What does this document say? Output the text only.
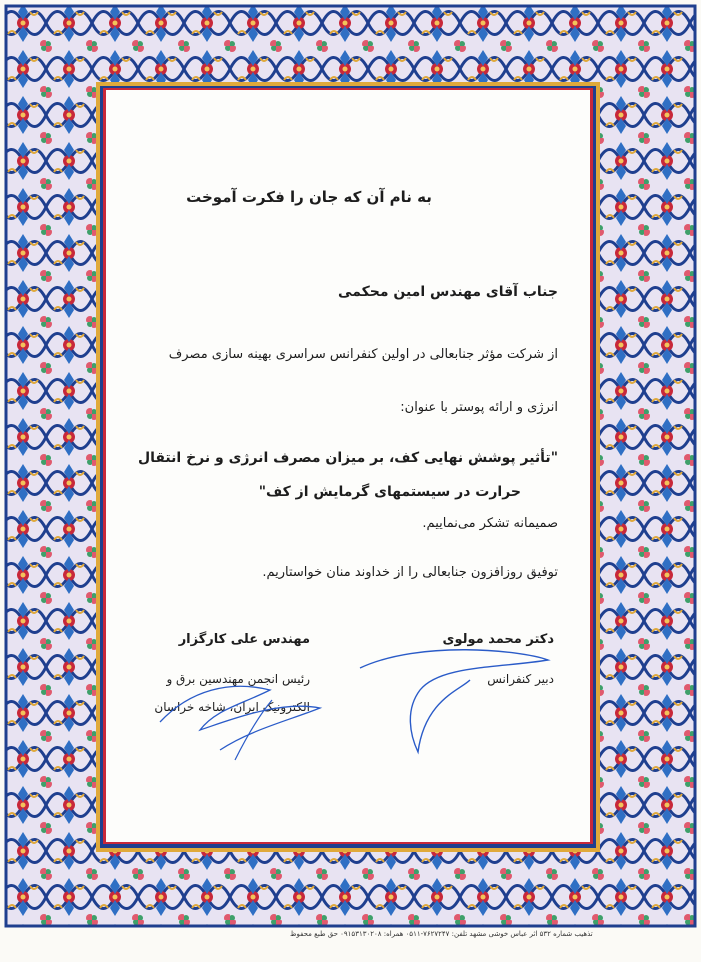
به نام آن که جان را فکرت آموخت
جناب آقای مهندس امین محکمی
از شرکت مؤثر جنابعالی در اولین کنفرانس سراسری بهینه سازی مصرف
انرژی و ارائه پوستر با عنوان:
"تأثیر پوشش نهایی کف، بر میزان مصرف انرژی و نرخ انتقال
حرارت در سیستمهای گرمایش از کف"
صمیمانه تشکر می‌نماییم.
توفیق روزافزون جنابعالی را از خداوند منان خواستاریم.
دکتر محمد مولوی
دبیر کنفرانس
مهندس علی کارگزار
رئیس انجمن مهندسین برق و
الکترونیک ایران، شاخه خراسان
تذهیب شماره ۵۳۲ اثر عباس خوشی مشهد تلفن: ۷۶۲۷۲۴۷-۰۵۱۱ همراه: ۰۹۱۵۳۱۳۰۲۰۸ حق طبع محفوظ
